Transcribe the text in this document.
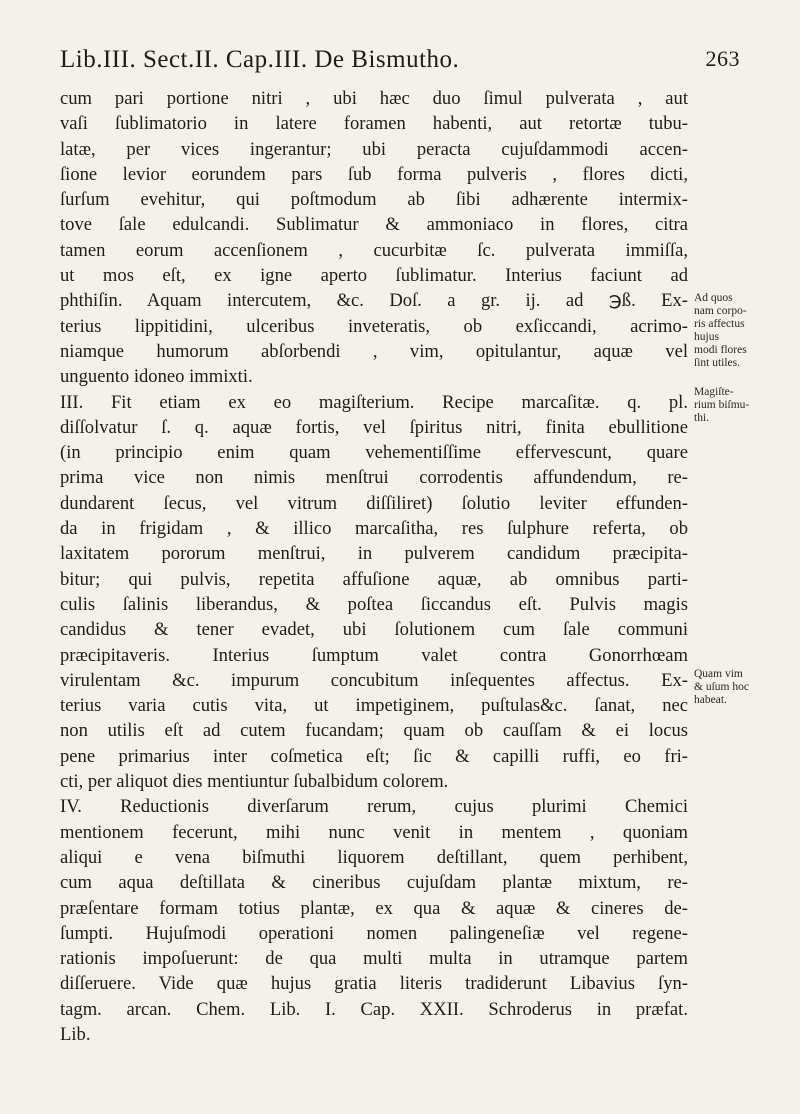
Lib.III. Sect.II. Cap.III. De Bismutho.	263
cum pari portione nitri , ubi hæc duo ſimul pulverata , aut
vaſi ſublimatorio in latere foramen habenti, aut retortæ tubu-
latæ, per vices ingerantur; ubi peracta cujuſdammodi accen-
ſione levior eorundem pars ſub forma pulveris , flores dicti,
ſurſum evehitur, qui poſtmodum ab ſibi adhærente intermix-
tove ſale edulcandi. Sublimatur & ammoniaco in flores, citra
tamen eorum accenſionem , cucurbitæ ſc. pulverata immiſſa,
ut mos eſt, ex igne aperto ſublimatur. Interius faciunt ad
phthiſin. Aquam intercutem, &c. Doſ. a gr. ij. ad ℈ß. Ex-
terius lippitidini, ulceribus inveteratis, ob exſiccandi, acrimo-
niamque humorum abſorbendi , vim, opitulantur, aquæ vel
unguento idoneo immixti.
III. Fit etiam ex eo magiſterium. Recipe marcaſitæ. q. pl.
diſſolvatur ſ. q. aquæ fortis, vel ſpiritus nitri, finita ebullitione
(in principio enim quam vehementiſſime effervescunt, quare
prima vice non nimis menſtrui corrodentis affundendum, re-
dundarent ſecus, vel vitrum diſſiliret) ſolutio leviter effunden-
da in frigidam , & illico marcaſitha, res ſulphure referta, ob
laxitatem pororum menſtrui, in pulverem candidum præcipita-
bitur; qui pulvis, repetita affuſione aquæ, ab omnibus parti-
culis ſalinis liberandus, & poſtea ſiccandus eſt. Pulvis magis
candidus & tener evadet, ubi ſolutionem cum ſale communi
præcipitaveris. Interius ſumptum valet contra Gonorrhœam
virulentam &c. impurum concubitum inſequentes affectus. Ex-
terius varia cutis vita, ut impetiginem, puſtulas&c. ſanat, nec
non utilis eſt ad cutem fucandam; quam ob cauſſam & ei locus
pene primarius inter coſmetica eſt; ſic & capilli ruffi, eo fri-
cti, per aliquot dies mentiuntur ſubalbidum colorem.
IV. Reductionis diverſarum rerum, cujus plurimi Chemici
mentionem fecerunt, mihi nunc venit in mentem , quoniam
aliqui e vena biſmuthi liquorem deſtillant, quem perhibent,
cum aqua deſtillata & cineribus cujuſdam plantæ mixtum, re-
præſentare formam totius plantæ, ex qua & aquæ & cineres de-
ſumpti. Hujuſmodi operationi nomen palingeneſiæ vel regene-
rationis impoſuerunt: de qua multi multa in utramque partem
diſſeruere. Vide quæ hujus gratia literis tradiderunt Libavius ſyn-
tagm. arcan. Chem. Lib. I. Cap. XXII. Schroderus in præfat.
Lib.
Ad quos
nam corpo-
ris affectus
hujus
modi flores
ſint utiles.
Magiſte-
rium biſmu-
thi.
Quam vim
& uſum hoc
habeat.
